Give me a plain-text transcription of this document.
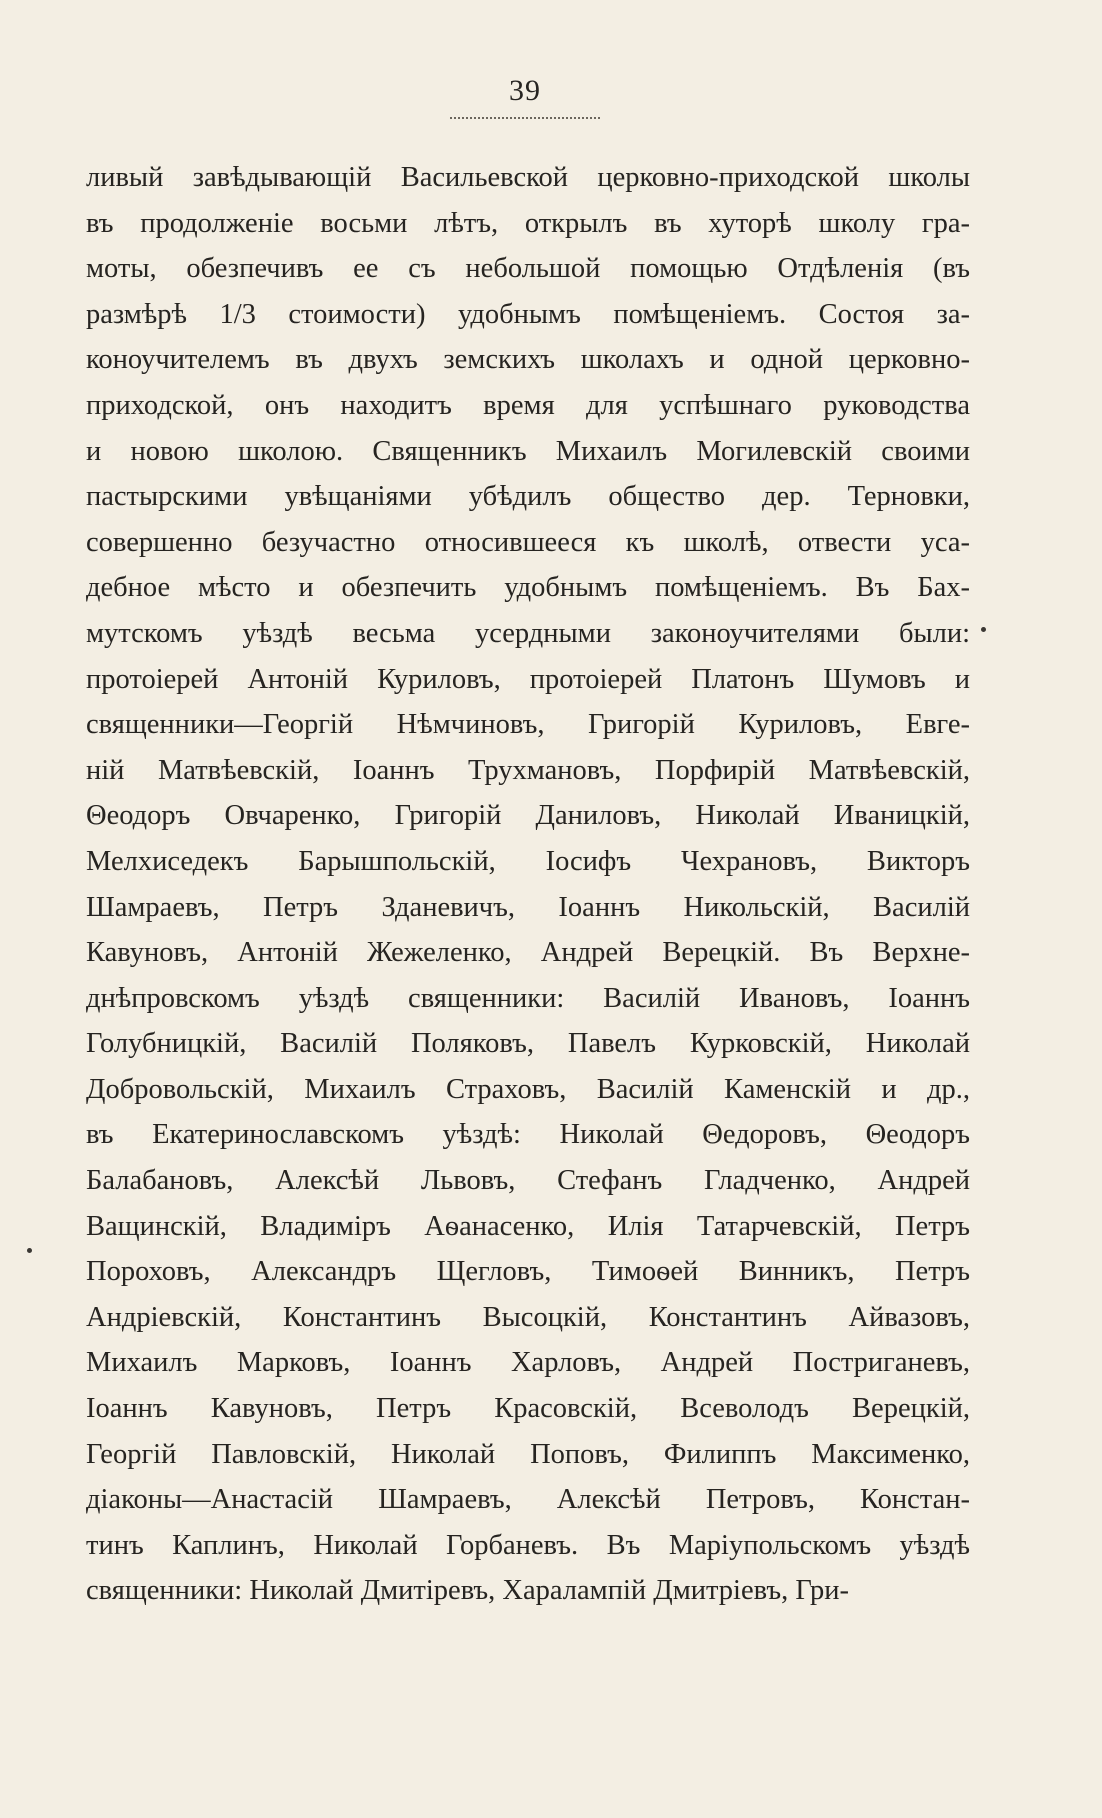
39
ливый завѣдывающій Васильевской церковно-приходской школы
въ продолженіе восьми лѣтъ, открылъ въ хуторѣ школу гра-
моты, обезпечивъ ее съ небольшой помощью Отдѣленія (въ
размѣрѣ 1/3 стоимости) удобнымъ помѣщеніемъ. Состоя за-
коноучителемъ въ двухъ земскихъ школахъ и одной церковно-
приходской, онъ находитъ время для успѣшнаго руководства
и новою школою. Священникъ Михаилъ Могилевскій своими
пастырскими увѣщаніями убѣдилъ общество дер. Терновки,
совершенно безучастно относившееся къ школѣ, отвести уса-
дебное мѣсто и обезпечить удобнымъ помѣщеніемъ. Въ Бах-
мутскомъ уѣздѣ весьма усердными законоучителями были:
протоіерей Антоній Куриловъ, протоіерей Платонъ Шумовъ и
священники—Георгій Нѣмчиновъ, Григорій Куриловъ, Евге-
ній Матвѣевскій, Іоаннъ Трухмановъ, Порфирій Матвѣевскій,
Θеодоръ Овчаренко, Григорій Даниловъ, Николай Иваницкій,
Мелхиседекъ Барышпольскій, Іосифъ Чехрановъ, Викторъ
Шамраевъ, Петръ Зданевичъ, Іоаннъ Никольскій, Василій
Кавуновъ, Антоній Жежеленко, Андрей Верецкій. Въ Верхне-
днѣпровскомъ уѣздѣ священники: Василій Ивановъ, Іоаннъ
Голубницкій, Василій Поляковъ, Павелъ Курковскій, Николай
Добровольскій, Михаилъ Страховъ, Василій Каменскій и др.,
въ Екатеринославскомъ уѣздѣ: Николай Θедоровъ, Θеодоръ
Балабановъ, Алексѣй Львовъ, Стефанъ Гладченко, Андрей
Ващинскій, Владиміръ Аѳанасенко, Илія Татарчевскій, Петръ
Пороховъ, Александръ Щегловъ, Тимоѳей Винникъ, Петръ
Андріевскій, Константинъ Высоцкій, Константинъ Айвазовъ,
Михаилъ Марковъ, Іоаннъ Харловъ, Андрей Постриганевъ,
Іоаннъ Кавуновъ, Петръ Красовскій, Всеволодъ Верецкій,
Георгій Павловскій, Николай Поповъ, Филиппъ Максименко,
діаконы—Анастасій Шамраевъ, Алексѣй Петровъ, Констан-
тинъ Каплинъ, Николай Горбаневъ. Въ Маріупольскомъ уѣздѣ
священники: Николай Дмитіревъ, Харалампій Дмитріевъ, Гри-
